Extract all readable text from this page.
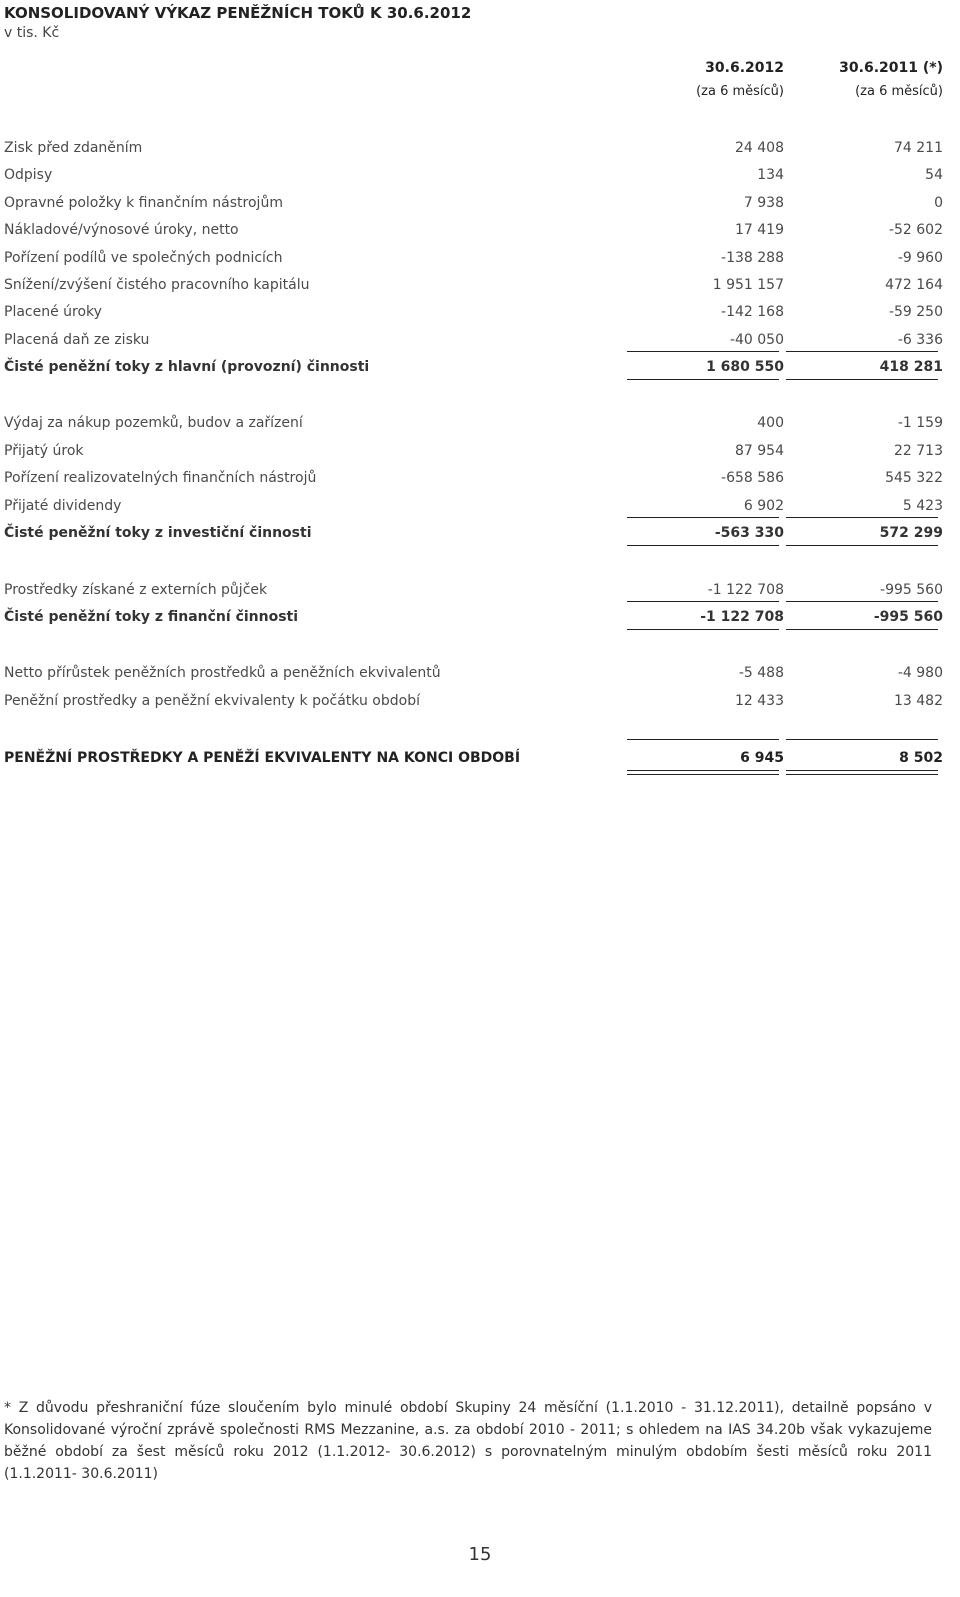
KONSOLIDOVANÝ VÝKAZ PENĚŽNÍCH TOKŮ K 30.6.2012
v tis. Kč
30.6.2012	30.6.2011 (*)
(za 6 měsíců)	(za 6 měsíců)
Zisk před zdaněním	24 408	74 211
Odpisy	134	54
Opravné položky k finančním nástrojům	7 938	0
Nákladové/výnosové úroky, netto	17 419	-52 602
Pořízení podílů ve společných podnicích	-138 288	-9 960
Snížení/zvýšení čistého pracovního kapitálu	1 951 157	472 164
Placené úroky	-142 168	-59 250
Placená daň ze zisku	-40 050	-6 336
Čisté peněžní toky z hlavní (provozní) činnosti	1 680 550	418 281
Výdaj za nákup pozemků, budov a zařízení	400	-1 159
Přijatý úrok	87 954	22 713
Pořízení realizovatelných finančních nástrojů	-658 586	545 322
Přijaté dividendy	6 902	5 423
Čisté peněžní toky z investiční činnosti	-563 330	572 299
Prostředky získané z externích půjček	-1 122 708	-995 560
Čisté peněžní toky z finanční činnosti	-1 122 708	-995 560
Netto přírůstek peněžních prostředků a peněžních ekvivalentů	-5 488	-4 980
Peněžní prostředky a peněžní ekvivalenty k počátku období	12 433	13 482
PENĚŽNÍ PROSTŘEDKY A PENĚŽÍ EKVIVALENTY NA KONCI OBDOBÍ	6 945	8 502
* Z důvodu přeshraniční fúze sloučením bylo minulé období Skupiny 24 měsíční (1.1.2010 - 31.12.2011), detailně popsáno v Konsolidované výroční zprávě společnosti RMS Mezzanine, a.s. za období 2010 - 2011; s ohledem na IAS 34.20b však vykazujeme běžné období za šest měsíců roku 2012 (1.1.2012- 30.6.2012) s porovnatelným minulým obdobím šesti měsíců roku 2011 (1.1.2011- 30.6.2011)
15
